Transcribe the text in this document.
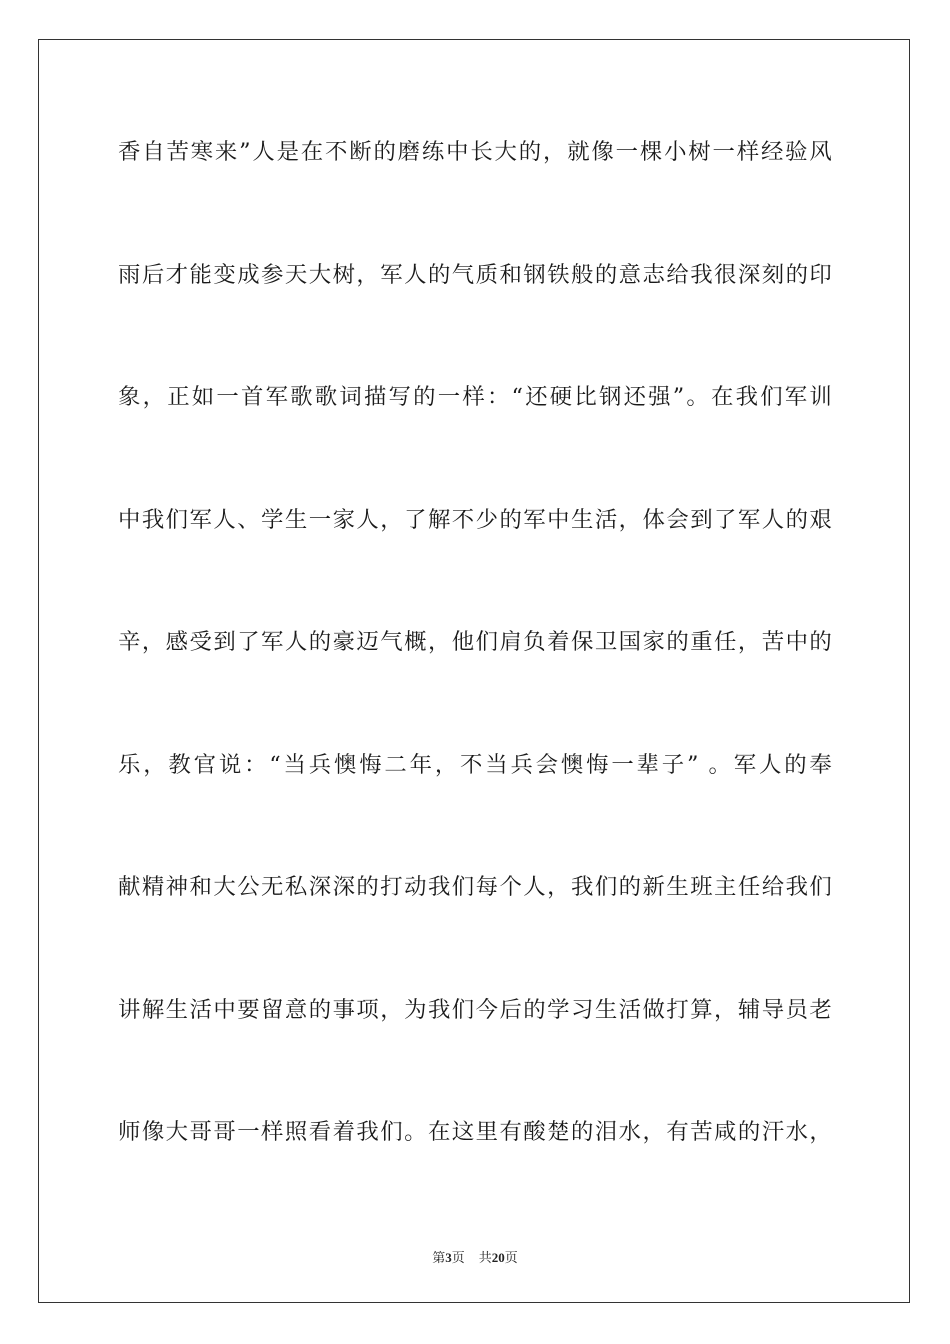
香自苦寒来”人是在不断的磨练中长大的，就像一棵小树一样经验风
雨后才能变成参天大树，军人的气质和钢铁般的意志给我很深刻的印
象，正如一首军歌歌词描写的一样：“还硬比钢还强”。在我们军训
中我们军人、学生一家人，了解不少的军中生活，体会到了军人的艰
辛，感受到了军人的豪迈气概，他们肩负着保卫国家的重任，苦中的
乐，教官说：“当兵懊悔二年，不当兵会懊悔一辈子” 。军人的奉
献精神和大公无私深深的打动我们每个人，我们的新生班主任给我们
讲解生活中要留意的事项，为我们今后的学习生活做打算，辅导员老
师像大哥哥一样照看着我们。在这里有酸楚的泪水，有苦咸的汗水，
第3页 共20页
